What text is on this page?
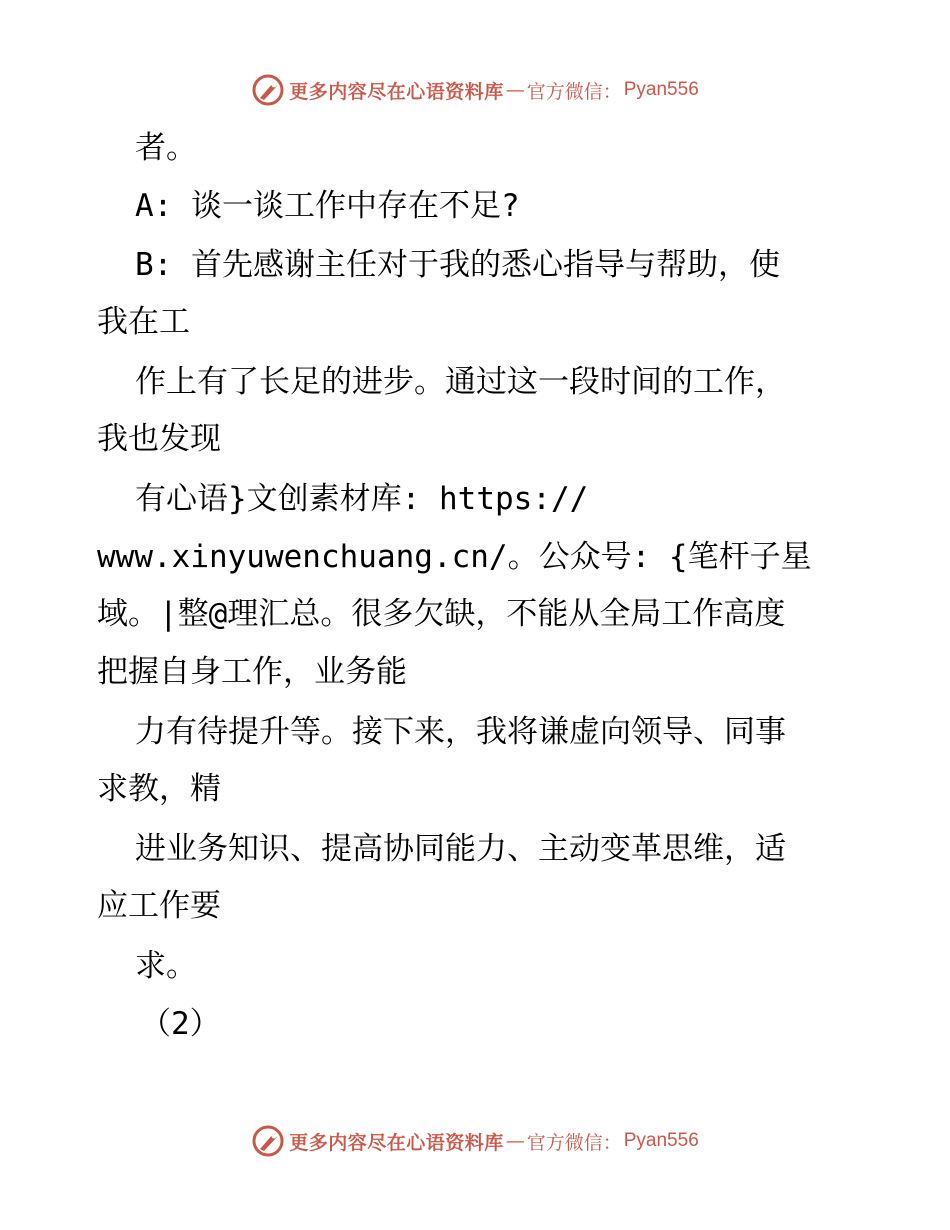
更多内容尽在心语资料库 — 官方微信： Pyan556
者。
A: 谈一谈工作中存在不足?
B: 首先感谢主任对于我的悉心指导与帮助，使
我在工
作上有了长足的进步。通过这一段时间的工作，
我也发现
有心语}文创素材库: https://
www.xinyuwenchuang.cn/。公众号: {笔杆子星
域。|整@理汇总。很多欠缺，不能从全局工作高度
把握自身工作，业务能
力有待提升等。接下来，我将谦虚向领导、同事
求教，精
进业务知识、提高协同能力、主动变革思维，适
应工作要
求。
（2）
更多内容尽在心语资料库 — 官方微信： Pyan556
